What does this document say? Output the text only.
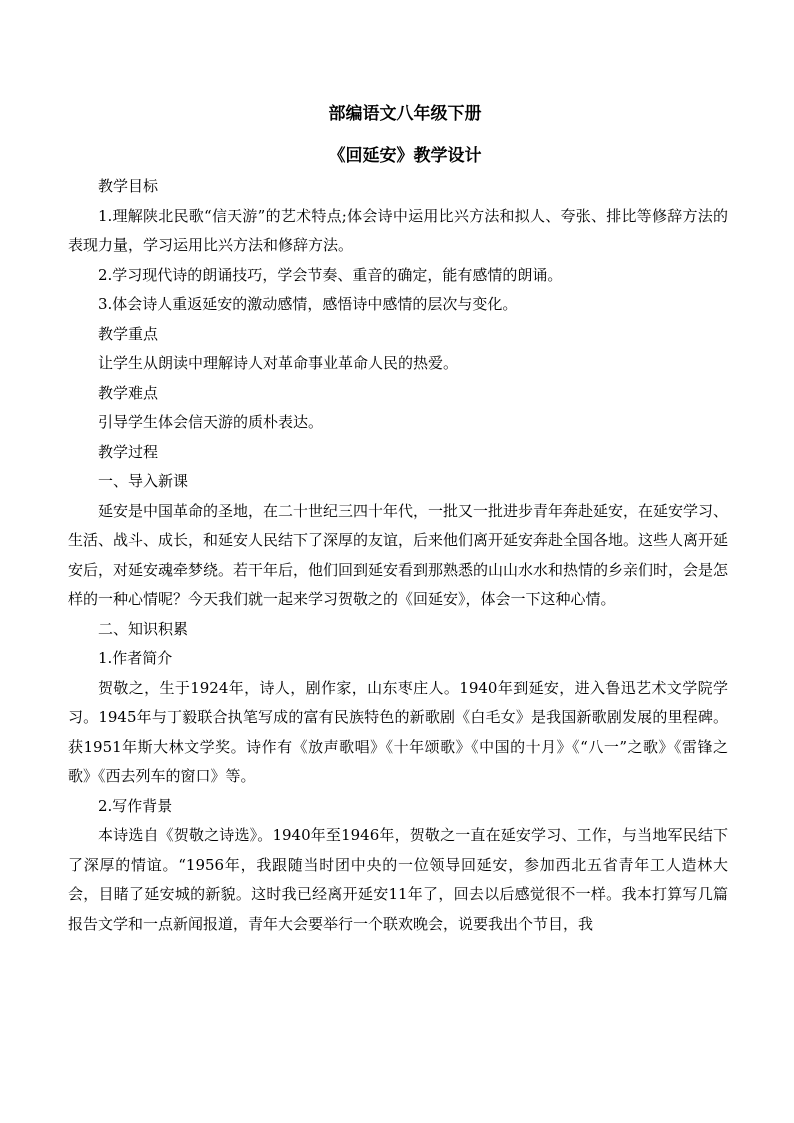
部编语文八年级下册
《回延安》教学设计

教学目标

1.理解陕北民歌“信天游”的艺术特点;体会诗中运用比兴方法和拟人、夸张、排比等修辞方法的表现力量，学习运用比兴方法和修辞方法。

2.学习现代诗的朗诵技巧，学会节奏、重音的确定，能有感情的朗诵。

3.体会诗人重返延安的激动感情，感悟诗中感情的层次与变化。

教学重点

让学生从朗读中理解诗人对革命事业革命人民的热爱。

教学难点

引导学生体会信天游的质朴表达。

教学过程

一、导入新课

延安是中国革命的圣地，在二十世纪三四十年代，一批又一批进步青年奔赴延安，在延安学习、生活、战斗、成长，和延安人民结下了深厚的友谊，后来他们离开延安奔赴全国各地。这些人离开延安后，对延安魂牵梦绕。若干年后，他们回到延安看到那熟悉的山山水水和热情的乡亲们时，会是怎样的一种心情呢？今天我们就一起来学习贺敬之的《回延安》，体会一下这种心情。

二、知识积累

1.作者简介

贺敬之，生于1924年，诗人，剧作家，山东枣庄人。1940年到延安，进入鲁迅艺术文学院学习。1945年与丁毅联合执笔写成的富有民族特色的新歌剧《白毛女》是我国新歌剧发展的里程碑。获1951年斯大林文学奖。诗作有《放声歌唱》《十年颂歌》《中国的十月》《“八一”之歌》《雷锋之歌》《西去列车的窗口》等。

2.写作背景

本诗选自《贺敬之诗选》。1940年至1946年，贺敬之一直在延安学习、工作，与当地军民结下了深厚的情谊。“1956年，我跟随当时团中央的一位领导回延安，参加西北五省青年工人造林大会，目睹了延安城的新貌。这时我已经离开延安11年了，回去以后感觉很不一样。我本打算写几篇报告文学和一点新闻报道，青年大会要举行一个联欢晚会，说要我出个节目，我
